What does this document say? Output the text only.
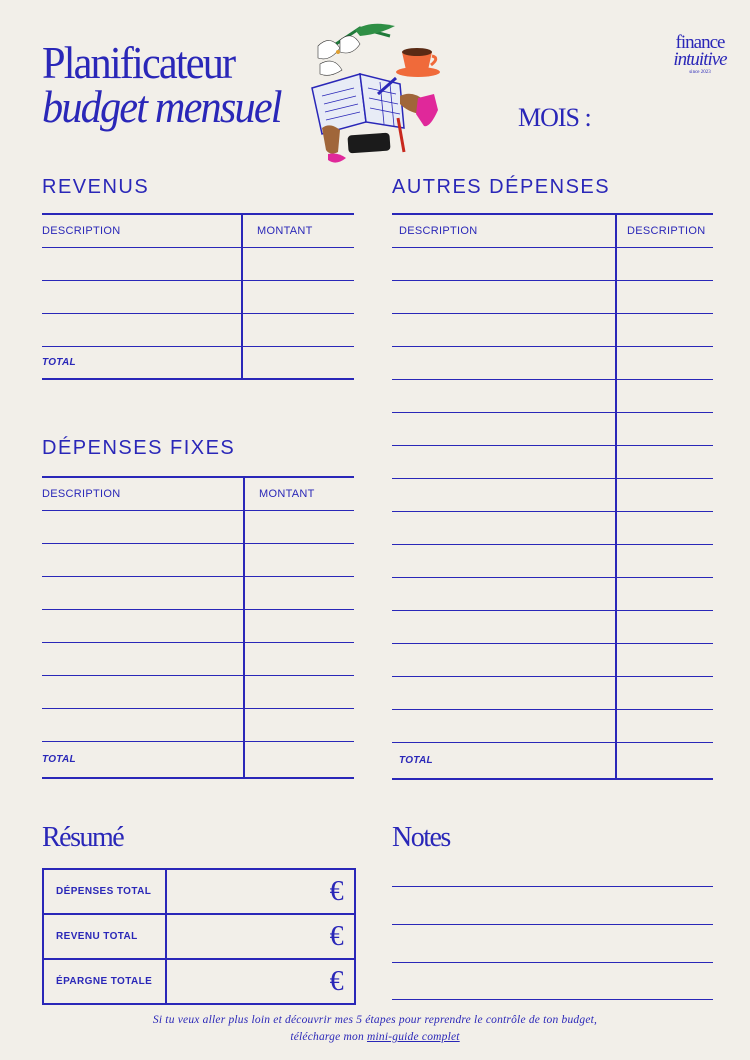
Planificateur
budget mensuel	MOIS :
finance
intuitive
since 2023
REVENUS
DESCRIPTION	MONTANT

TOTAL	
DÉPENSES FIXES
DESCRIPTION	MONTANT

TOTAL	
AUTRES DÉPENSES
DESCRIPTION	DESCRIPTION

TOTAL	
Résumé
DÉPENSES TOTAL	€
REVENU TOTAL	€
ÉPARGNE TOTALE	€
Notes
Si tu veux aller plus loin et découvrir mes 5 étapes pour reprendre le contrôle de ton budget,
télécharge mon mini-guide complet
